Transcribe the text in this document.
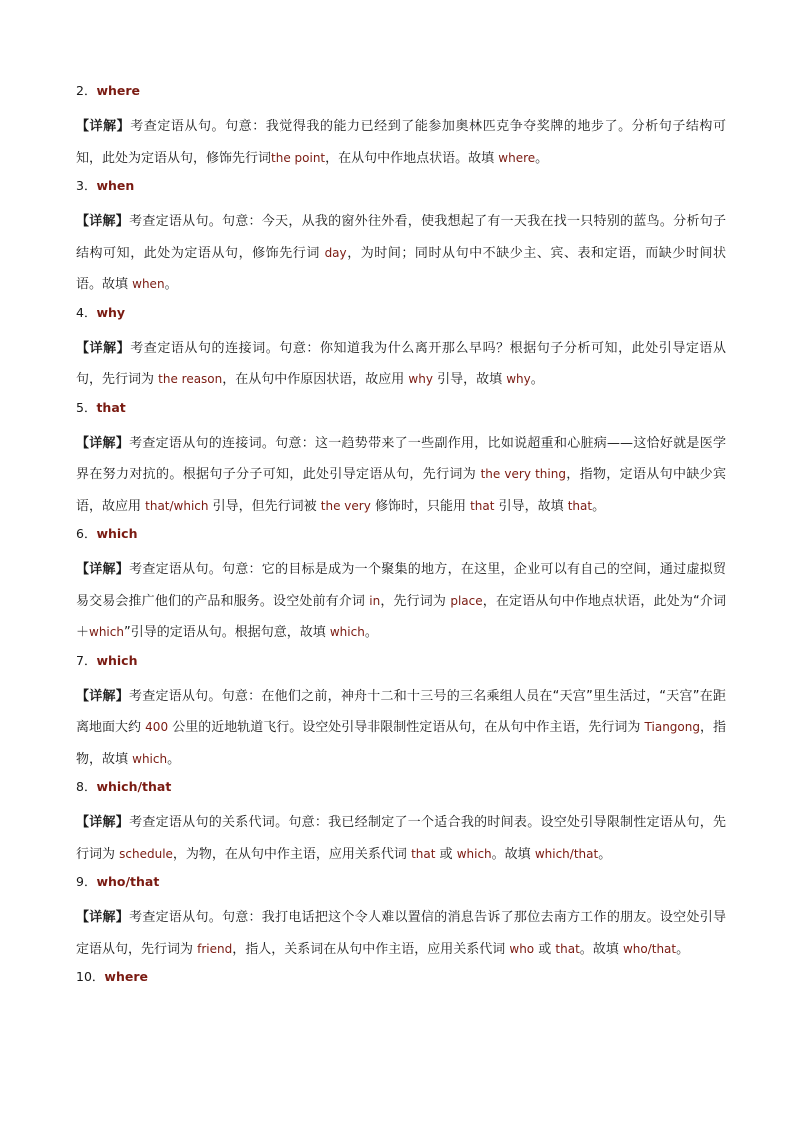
2．where
【详解】考查定语从句。句意：我觉得我的能力已经到了能参加奥林匹克争夺奖牌的地步了。分析句子结构可知，此处为定语从句，修饰先行词the point，在从句中作地点状语。故填 where。
3．when
【详解】考查定语从句。句意：今天，从我的窗外往外看，使我想起了有一天我在找一只特别的蓝鸟。分析句子结构可知，此处为定语从句，修饰先行词 day，为时间；同时从句中不缺少主、宾、表和定语，而缺少时间状语。故填 when。
4．why
【详解】考查定语从句的连接词。句意：你知道我为什么离开那么早吗？根据句子分析可知，此处引导定语从句，先行词为 the reason，在从句中作原因状语，故应用 why 引导，故填 why。
5．that
【详解】考查定语从句的连接词。句意：这一趋势带来了一些副作用，比如说超重和心脏病——这恰好就是医学界在努力对抗的。根据句子分子可知，此处引导定语从句，先行词为 the very thing，指物，定语从句中缺少宾语，故应用 that/which 引导，但先行词被 the very 修饰时，只能用 that 引导，故填 that。
6．which
【详解】考查定语从句。句意：它的目标是成为一个聚集的地方，在这里，企业可以有自己的空间，通过虚拟贸易交易会推广他们的产品和服务。设空处前有介词 in，先行词为 place，在定语从句中作地点状语，此处为“介词＋which”引导的定语从句。根据句意，故填 which。
7．which
【详解】考查定语从句。句意：在他们之前，神舟十二和十三号的三名乘组人员在“天宫”里生活过，“天宫”在距离地面大约 400 公里的近地轨道飞行。设空处引导非限制性定语从句，在从句中作主语，先行词为 Tiangong，指物，故填 which。
8．which/that
【详解】考查定语从句的关系代词。句意：我已经制定了一个适合我的时间表。设空处引导限制性定语从句，先行词为 schedule，为物，在从句中作主语，应用关系代词 that 或 which。故填 which/that。
9．who/that
【详解】考查定语从句。句意：我打电话把这个令人难以置信的消息告诉了那位去南方工作的朋友。设空处引导定语从句，先行词为 friend，指人，关系词在从句中作主语，应用关系代词 who 或 that。故填 who/that。
10．where
